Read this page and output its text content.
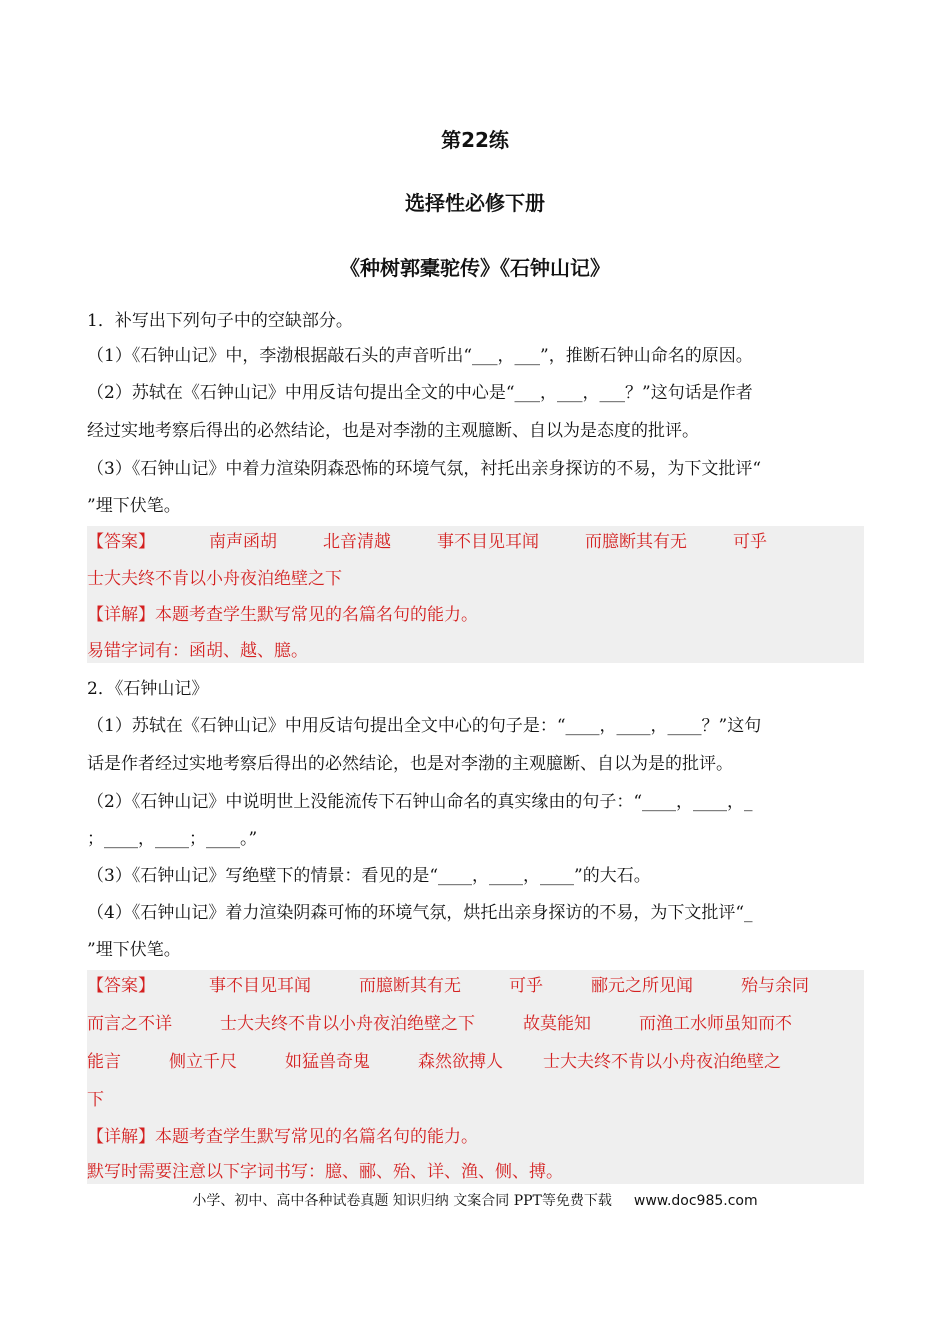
第22练
选择性必修下册
《种树郭橐驼传》《石钟山记》
1．补写出下列句子中的空缺部分。
（1）《石钟山记》中，李渤根据敲石头的声音听出“___，___”，推断石钟山命名的原因。
（2）苏轼在《石钟山记》中用反诘句提出全文的中心是“___，___，___？”这句话是作者
经过实地考察后得出的必然结论，也是对李渤的主观臆断、自以为是态度的批评。
（3）《石钟山记》中着力渲染阴森恐怖的环境气氛，衬托出亲身探访的不易，为下文批评“
”埋下伏笔。
【答案】	南声函胡	北音清越	事不目见耳闻	而臆断其有无	可乎
士大夫终不肯以小舟夜泊绝壁之下
【详解】本题考查学生默写常见的名篇名句的能力。
易错字词有：函胡、越、臆。
2．《石钟山记》
（1）苏轼在《石钟山记》中用反诘句提出全文中心的句子是：“____，____，____？”这句
话是作者经过实地考察后得出的必然结论，也是对李渤的主观臆断、自以为是的批评。
（2）《石钟山记》中说明世上没能流传下石钟山命名的真实缘由的句子：“____，____，_
；____，____；____。”
（3）《石钟山记》写绝壁下的情景：看见的是“____，____，____”的大石。
（4）《石钟山记》着力渲染阴森可怖的环境气氛，烘托出亲身探访的不易，为下文批评“_
”埋下伏笔。
【答案】	事不目见耳闻	而臆断其有无	可乎	郦元之所见闻	殆与余同
而言之不详	士大夫终不肯以小舟夜泊绝壁之下	故莫能知	而渔工水师虽知而不
能言	侧立千尺	如猛兽奇鬼	森然欲搏人 士大夫终不肯以小舟夜泊绝壁之
下
【详解】本题考查学生默写常见的名篇名句的能力。
默写时需要注意以下字词书写：臆、郦、殆、详、渔、侧、搏。
小学、初中、高中各种试卷真题 知识归纳 文案合同 PPT等免费下载 www.doc985.com
